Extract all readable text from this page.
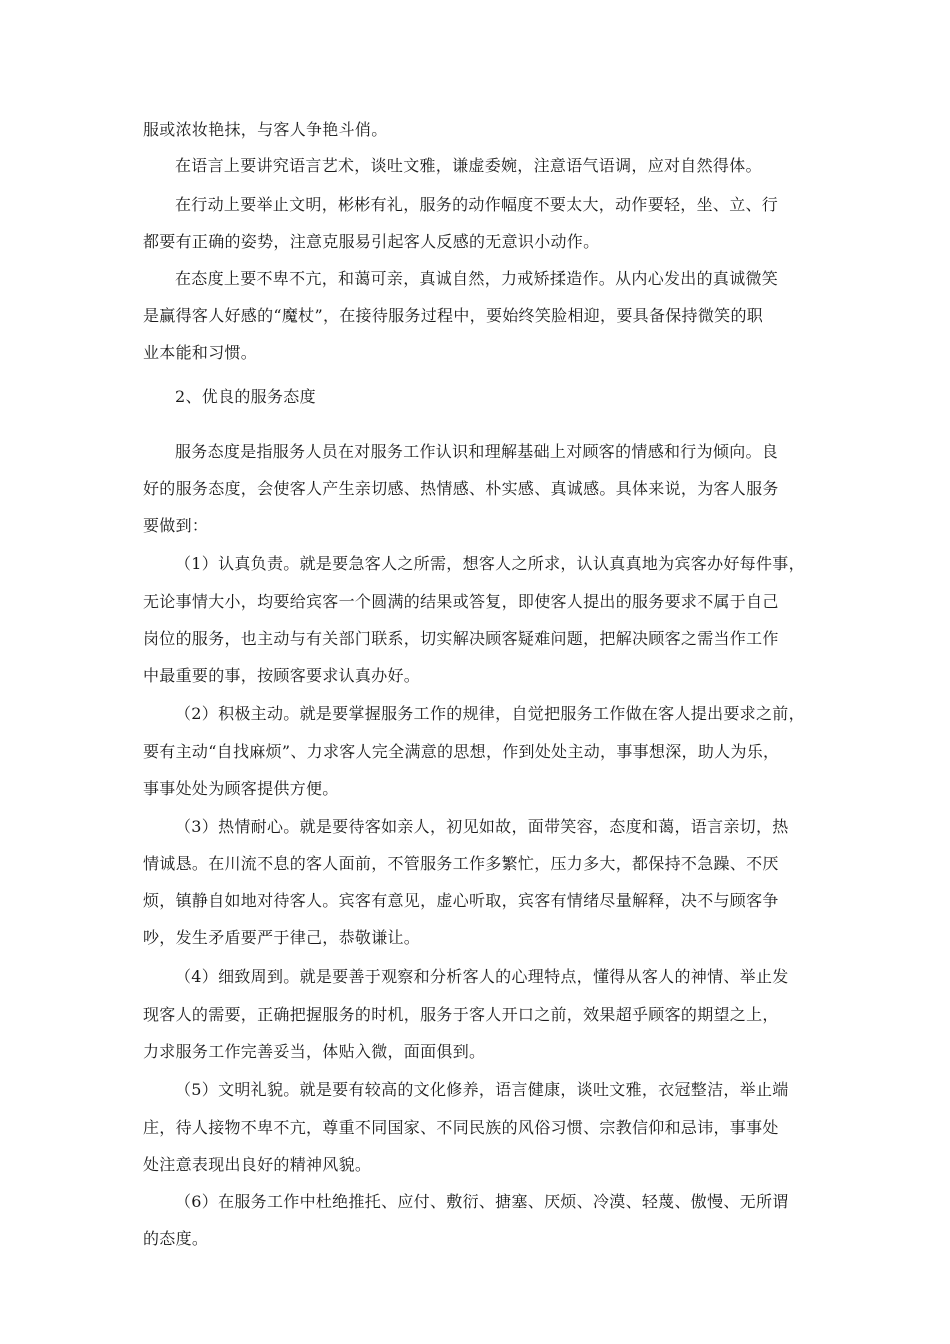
服或浓妆艳抹，与客人争艳斗俏。
在语言上要讲究语言艺术，谈吐文雅，谦虚委婉，注意语气语调，应对自然得体。
在行动上要举止文明，彬彬有礼，服务的动作幅度不要太大，动作要轻，坐、立、行
都要有正确的姿势，注意克服易引起客人反感的无意识小动作。
在态度上要不卑不亢，和蔼可亲，真诚自然，力戒矫揉造作。从内心发出的真诚微笑
是赢得客人好感的“魔杖”，在接待服务过程中，要始终笑脸相迎，要具备保持微笑的职
业本能和习惯。
2、优良的服务态度
服务态度是指服务人员在对服务工作认识和理解基础上对顾客的情感和行为倾向。良
好的服务态度，会使客人产生亲切感、热情感、朴实感、真诚感。具体来说，为客人服务
要做到：
（1）认真负责。就是要急客人之所需，想客人之所求，认认真真地为宾客办好每件事，
无论事情大小，均要给宾客一个圆满的结果或答复，即使客人提出的服务要求不属于自己
岗位的服务，也主动与有关部门联系，切实解决顾客疑难问题，把解决顾客之需当作工作
中最重要的事，按顾客要求认真办好。
（2）积极主动。就是要掌握服务工作的规律，自觉把服务工作做在客人提出要求之前，
要有主动“自找麻烦”、力求客人完全满意的思想，作到处处主动，事事想深，助人为乐，
事事处处为顾客提供方便。
（3）热情耐心。就是要待客如亲人，初见如故，面带笑容，态度和蔼，语言亲切，热
情诚恳。在川流不息的客人面前，不管服务工作多繁忙，压力多大，都保持不急躁、不厌
烦，镇静自如地对待客人。宾客有意见，虚心听取，宾客有情绪尽量解释，决不与顾客争
吵，发生矛盾要严于律己，恭敬谦让。
（4）细致周到。就是要善于观察和分析客人的心理特点，懂得从客人的神情、举止发
现客人的需要，正确把握服务的时机，服务于客人开口之前，效果超乎顾客的期望之上，
力求服务工作完善妥当，体贴入微，面面俱到。
（5）文明礼貌。就是要有较高的文化修养，语言健康，谈吐文雅，衣冠整洁，举止端
庄，待人接物不卑不亢，尊重不同国家、不同民族的风俗习惯、宗教信仰和忌讳，事事处
处注意表现出良好的精神风貌。
（6）在服务工作中杜绝推托、应付、敷衍、搪塞、厌烦、冷漠、轻蔑、傲慢、无所谓
的态度。
